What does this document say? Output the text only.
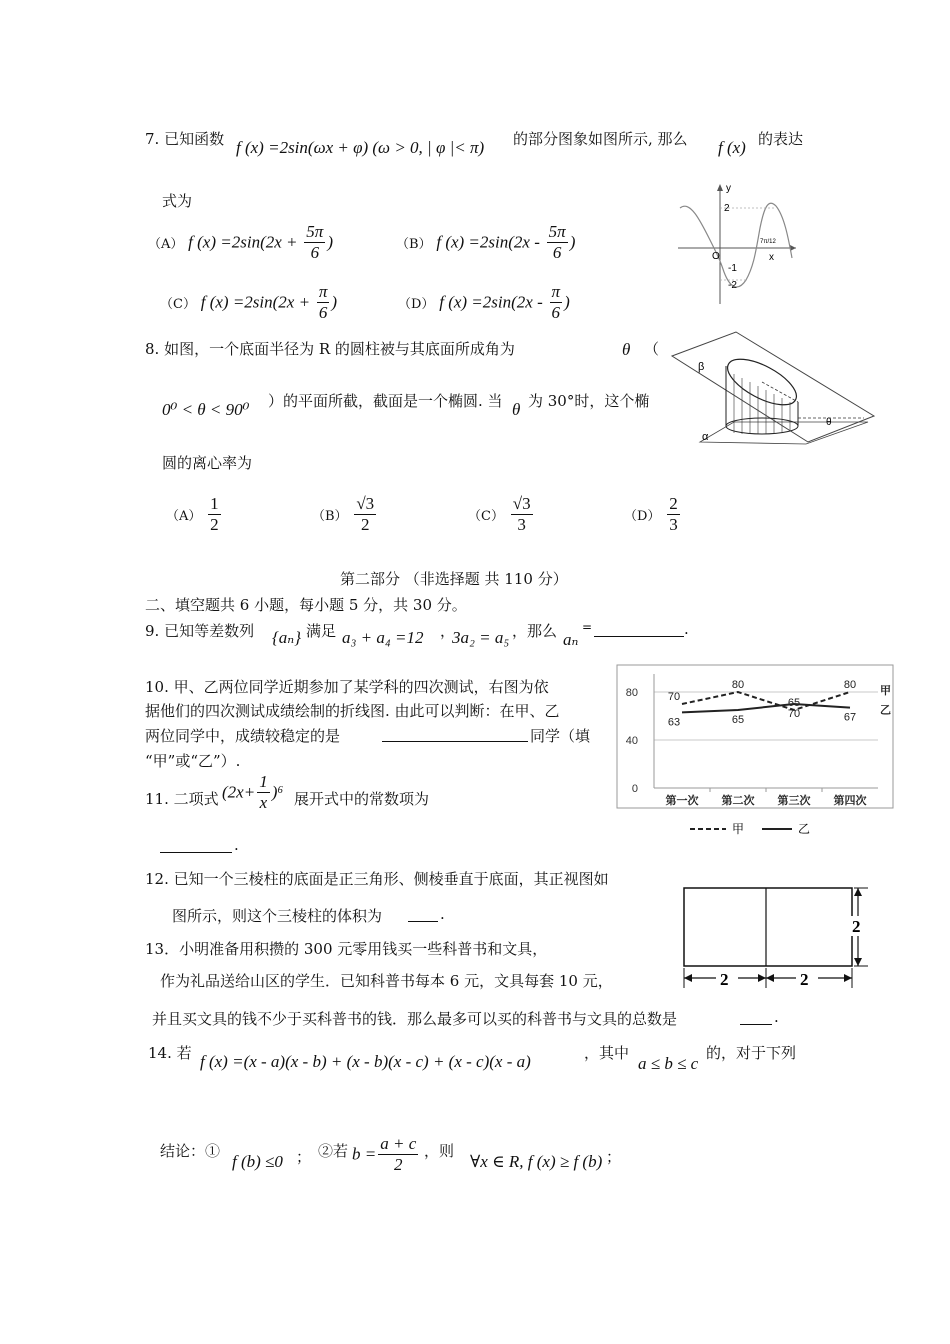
7. 已知函数 f (x) =2sin(ωx + φ) (ω > 0, | φ |< π) 的部分图象如图所示, 那么 f (x) 的表达
式为
（A） f $(x) =2\sin(2x + \frac{5\pi}{6}$ )	（B） f $(x) =2\sin(2x - \frac{5\pi}{6}$ )
（C） f $(x) =2\sin(2x + \frac{\pi}{6}$ )	（D） f $(x) =2\sin(2x - \frac{\pi}{6}$ )
y
x
O
2
-1
-2
7π/12
8. 如图，一个底面半径为 R 的圆柱被与其底面所成角为	θ （
0⁰ < θ < 90⁰ ）的平面所截，截面是一个椭圆. 当 θ 为 30°时，这个椭
圆的离心率为
$(A) \frac{1}{2}$	$(B) \frac{√3}{2}$	$(C) \frac{√3}{3}$	$(D) \frac{2}{3}$
β
α
θ
第二部分 （非选择题 共 110 分）
二、填空题共 6 小题，每小题 5 分，共 30 分。
9. 已知等差数列 {aₙ} 满足 a₃ + a₄ =12 ，
3a₂ = a₅ ，那么 aₙ
=	.
10. 甲、乙两位同学近期参加了某学科的四次测试，右图为依
据他们的四次测试成绩绘制的折线图. 由此可以判断：在甲、乙
两位同学中，成绩较稳定的是	同学（填
“甲”或“乙”）.
0
40
80	70
80
65
80 甲
63	65	70	67
乙
第一次 第二次 第三次 第四次
甲	乙
11. 二项式 $(2x+ \frac{1}{x} )^6$ 展开式中的常数项为
.
12. 已知一个三棱柱的底面是正三角形、侧棱垂直于底面，其正视图如
图所示，则这个三棱柱的体积为	.
2	2
2
13．小明准备用积攒的 300 元零用钱买一些科普书和文具，
作为礼品送给山区的学生．已知科普书每本 6 元，文具每套 10 元，
并且买文具的钱不少于买科普书的钱．那么最多可以买的科普书与文具的总数是	.
14. 若 f (x) =(x - a)(x - b) + (x - b)(x - c) + (x - c)(x - a)	，其中
a ≤ b ≤ c
的，对于下列
结论：①
f (b) ≤0 ； ②若 $b = \frac{a + c}{2}$ ，则
∀x ∈ R, f (x) ≥ f (b) ；
